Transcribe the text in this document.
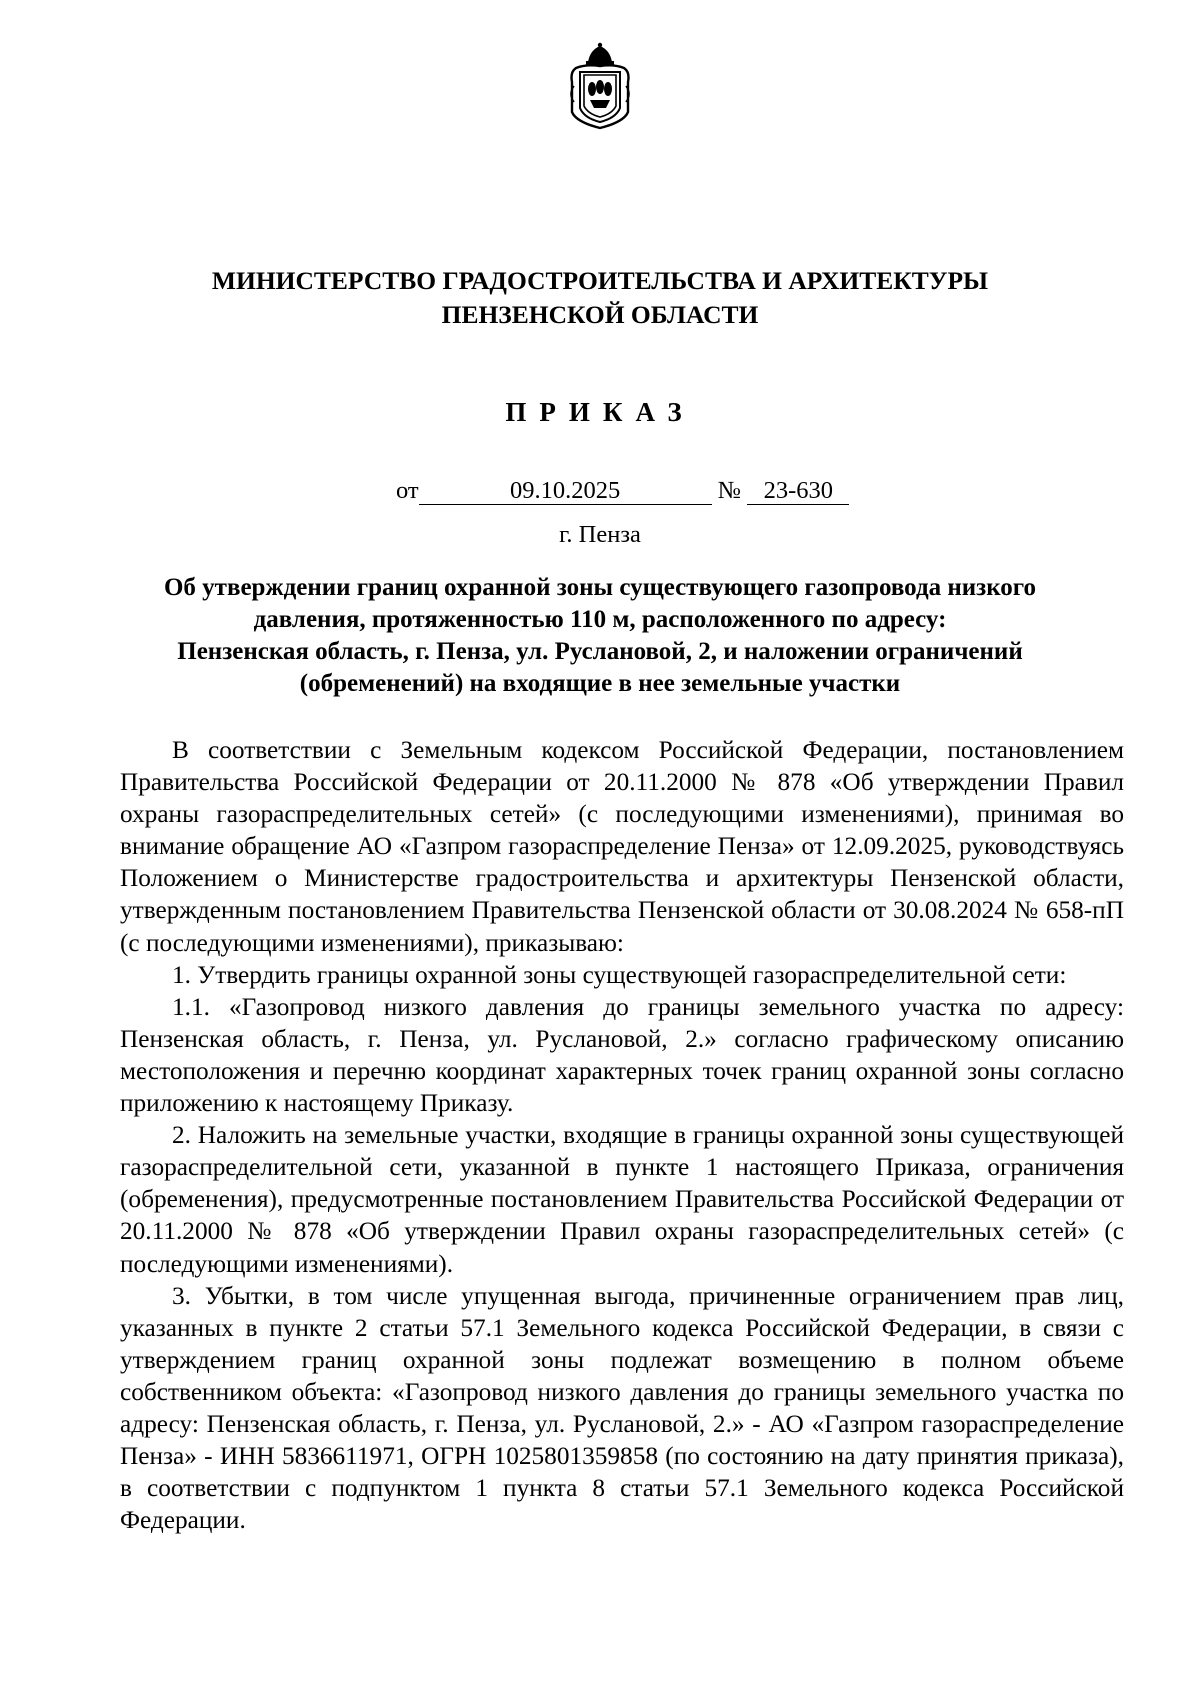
МИНИСТЕРСТВО ГРАДОСТРОИТЕЛЬСТВА И АРХИТЕКТУРЫ
ПЕНЗЕНСКОЙ ОБЛАСТИ
ПРИКАЗ
от	09.10.2025	№ 23-630
г. Пенза
Об утверждении границ охранной зоны существующего газопровода низкого
давления, протяженностью 110 м, расположенного по адресу:
Пензенская область, г. Пенза, ул. Руслановой, 2, и наложении ограничений
(обременений) на входящие в нее земельные участки

В соответствии с Земельным кодексом Российской Федерации, постановлением Правительства Российской Федерации от 20.11.2000 № 878 «Об утверждении Правил охраны газораспределительных сетей» (с последующими изменениями), принимая во внимание обращение АО «Газпром газораспределение Пенза» от 12.09.2025, руководствуясь Положением о Министерстве градостроительства и архитектуры Пензенской области, утвержденным постановлением Правительства Пензенской области от 30.08.2024 № 658-пП (с последующими изменениями), приказываю:

1. Утвердить границы охранной зоны существующей газораспределительной сети:

1.1. «Газопровод низкого давления до границы земельного участка по адресу: Пензенская область, г. Пенза, ул. Руслановой, 2.» согласно графическому описанию местоположения и перечню координат характерных точек границ охранной зоны согласно приложению к настоящему Приказу.

2. Наложить на земельные участки, входящие в границы охранной зоны существующей газораспределительной сети, указанной в пункте 1 настоящего Приказа, ограничения (обременения), предусмотренные постановлением Правительства Российской Федерации от 20.11.2000 № 878 «Об утверждении Правил охраны газораспределительных сетей» (с последующими изменениями).

3. Убытки, в том числе упущенная выгода, причиненные ограничением прав лиц, указанных в пункте 2 статьи 57.1 Земельного кодекса Российской Федерации, в связи с утверждением границ охранной зоны подлежат возмещению в полном объеме собственником объекта: «Газопровод низкого давления до границы земельного участка по адресу: Пензенская область, г. Пенза, ул. Руслановой, 2.» - АО «Газпром газораспределение Пенза» - ИНН 5836611971, ОГРН 1025801359858 (по состоянию на дату принятия приказа), в соответствии с подпунктом 1 пункта 8 статьи 57.1 Земельного кодекса Российской Федерации.
